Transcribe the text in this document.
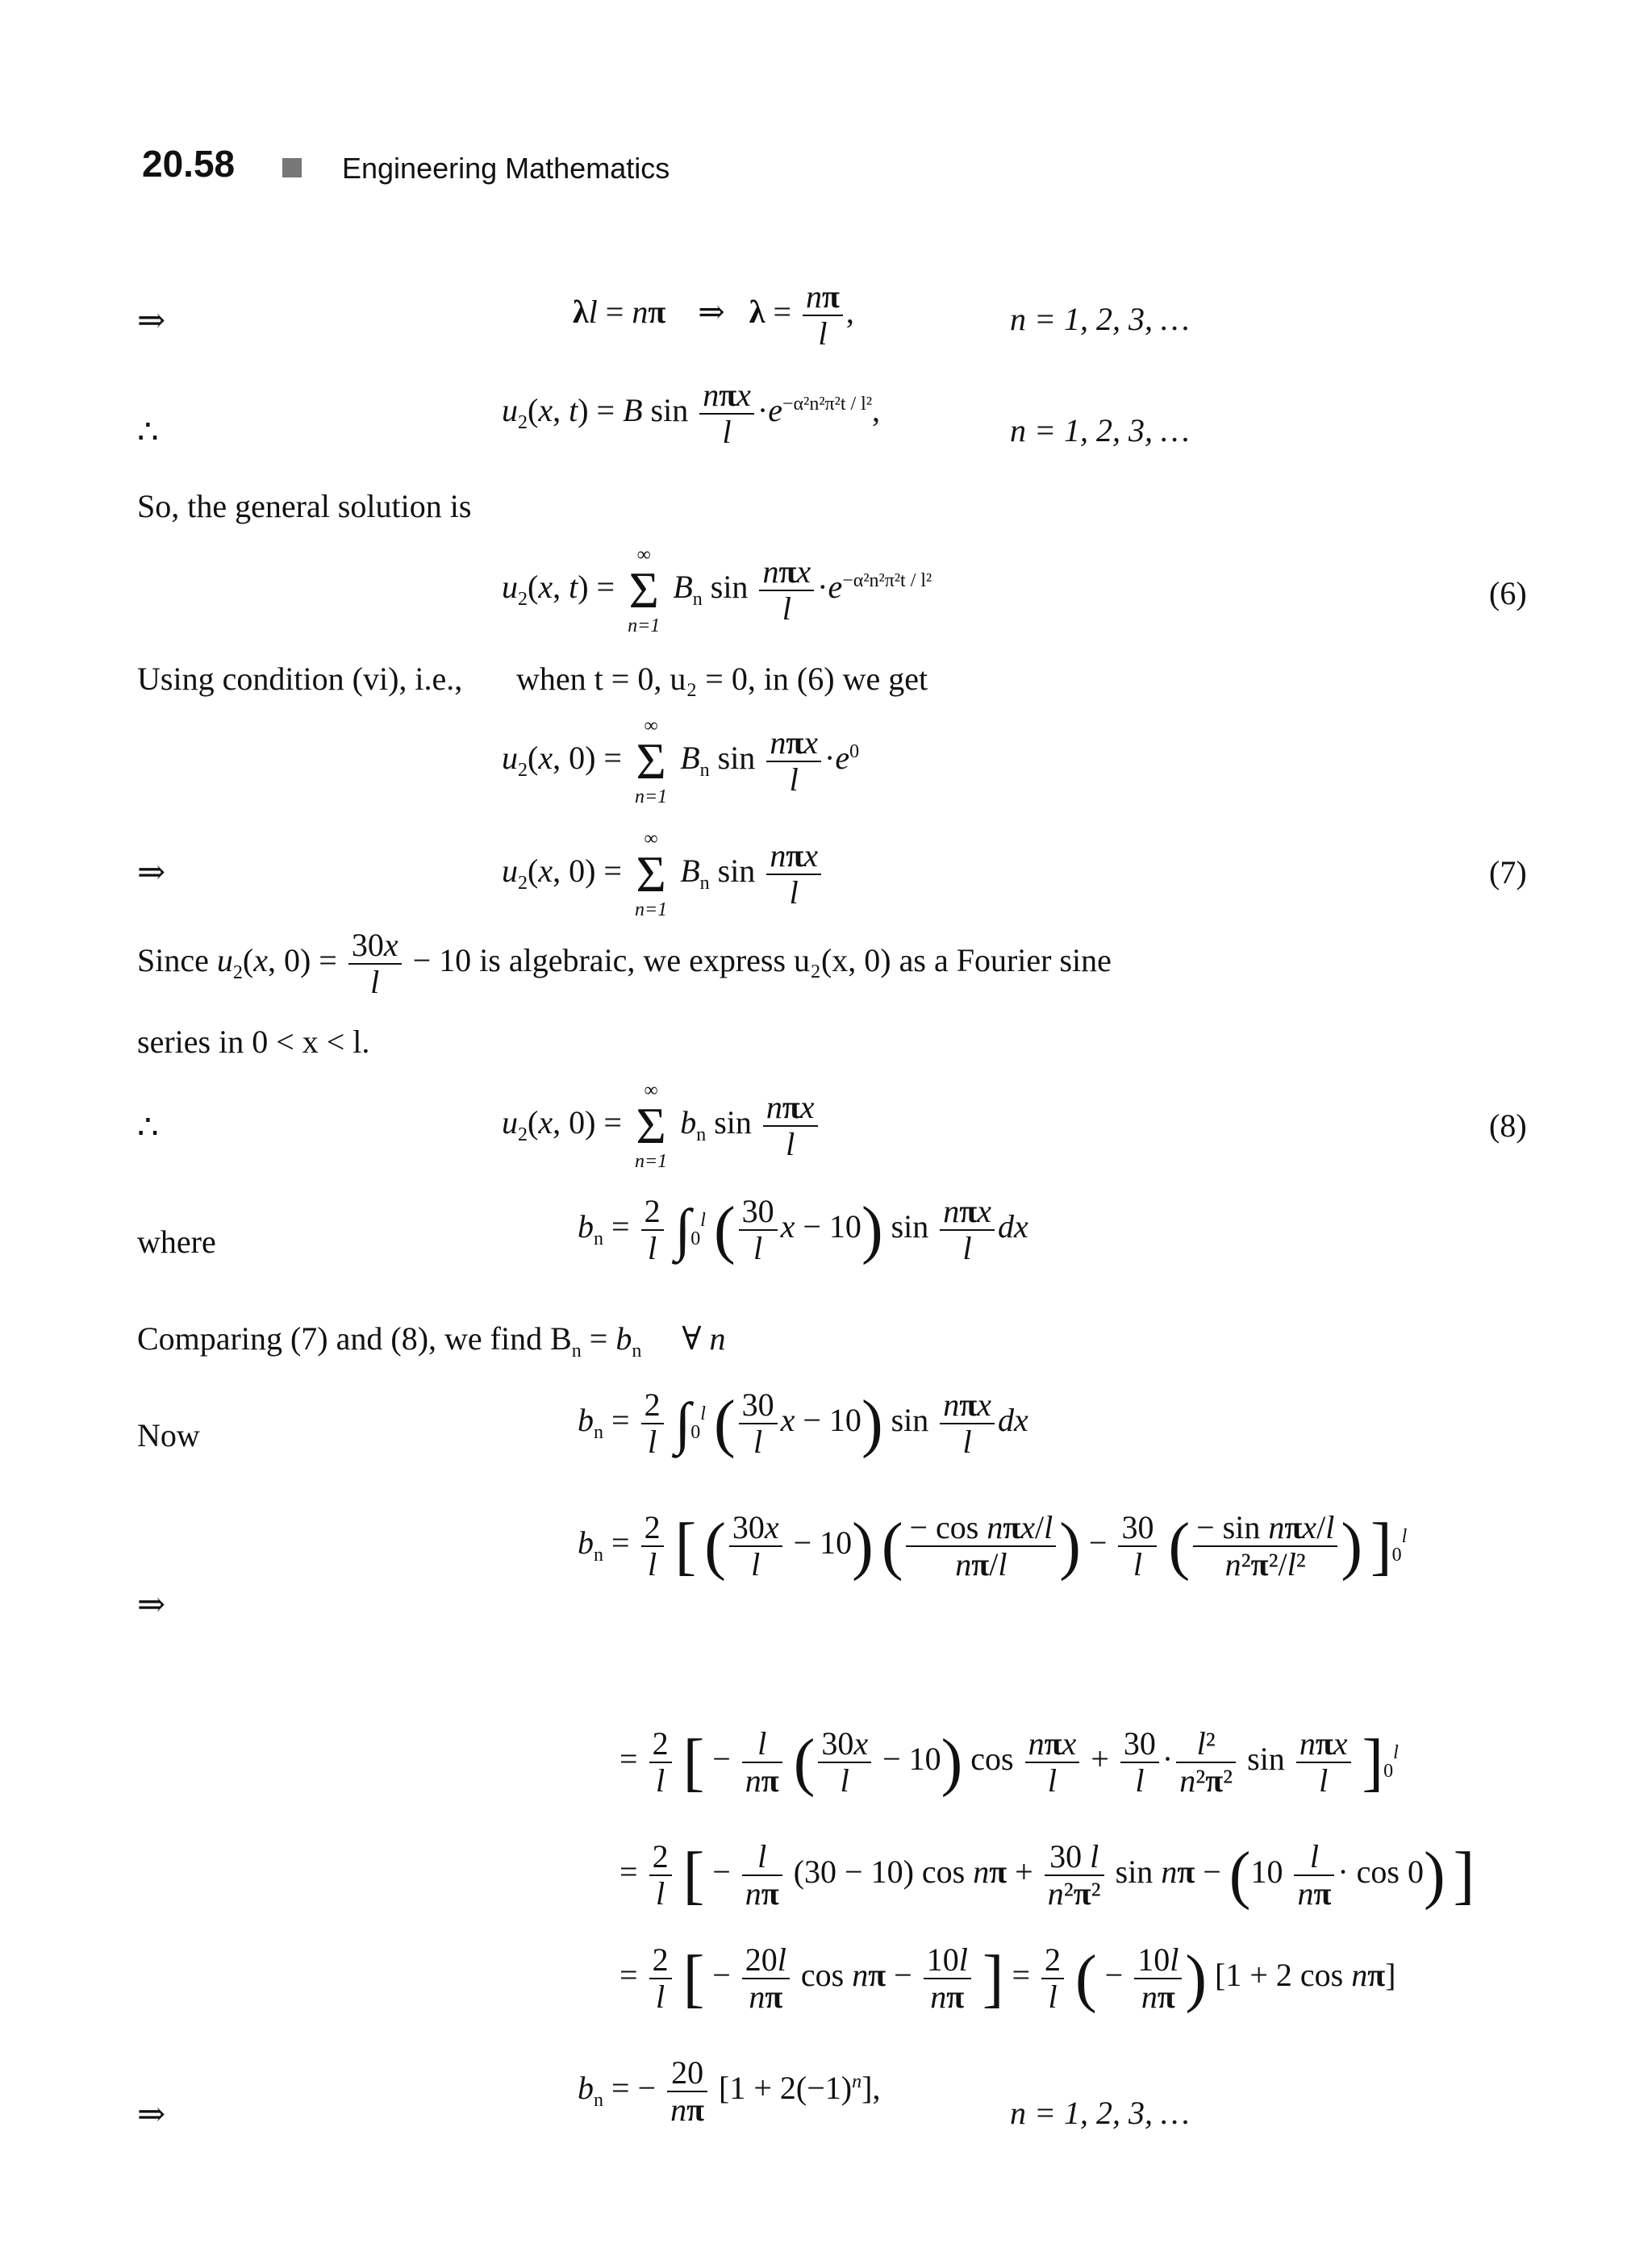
20.58	Engineering Mathematics
⇒	λl = nπ    ⇒   $\lambda = \frac{n\pi}{l}$ ,	n = 1, 2, 3, …
∴
$u_2(x$, t) = B $\sin \frac{\text{nπx}}{l} \cdot e^{-\alpha^2n^2\pi^2t / l^2}$,
n = 1, 2, 3, …
So, the general solution is
$u_2(x$, t) =
∞
Σ
n=1
$B_n$ $\sin \frac{\text{nπx}}{l} \cdot e^{-\alpha^2n^2\pi^2t / l^2}$	(6)
Using condition (vi), i.e., when t = 0, u₂ = 0, in (6) we get
$u_2(x$, 0) =
∞
Σ
n=1
$B_n$ $\sin \frac{\text{nπx}}{l} \cdot e^0$
⇒	$u_2(x$, 0) =
∞
Σ
n=1
$B_n$ $\sin \frac{\text{nπx}}{l}$	(7)
Since $u_2(x$, $0) = \frac{30x}{l} - 10$ is algebraic, we express u₂(x, 0) as a Fourier sine
series in 0 < x < l.
∴	$u_2(x$, 0) =
∞
Σ
n=1
$b_n$ $\sin \frac{\text{nπx}}{l}$	(8)
where	$b_n = \frac{2}{l} \int_0^l$ ( $\frac{30}{l}$ x − 10) $\sin \frac{\text{nπx}}{l}$ dx
Comparing (7) and (8), we find $B_n = b_n$     ∀ n
Now	$b_n = \frac{2}{l} \int_0^l$ ( $\frac{30}{l}$ x − 10) $\sin \frac{\text{nπx}}{l}$ dx
⇒
$b_n = \frac{2}{l}$ [ ( $\frac{30x}{l} - 10$) ( $\frac{\text{− cos nπx/l}}{n\pi/l}$ ) − $\frac{30}{l}$ ( $\frac{\text{− sin nπx/l}}{\text{n²π²/l²}}$ ) ]$_0^l$
= $\frac{2}{l}$ [ − $\frac{l}{n\pi}$ ( $\frac{30x}{l} - 10$) $\cos \frac{\text{nπx}}{l} + \frac{30}{l} \cdot \frac{\text{l²}}{\text{n²π²}}$ $\sin \frac{\text{nπx}}{l} ]_0^l$
= $\frac{2}{l}$ [ − $\frac{l}{n\pi} (30 - 10)$ $\cos n\pi + \frac{30 l}{\text{n²π²}}$ $\sin n\pi - (10 \frac{l}{n\pi} \cdot \cos 0)$ ]
= $\frac{2}{l}$ [ − $\frac{20l}{n\pi}$ $\cos n\pi - \frac{10l}{n\pi}$ ] = $\frac{2}{l}$ ( − $\frac{10l}{n\pi}$ ) [1 + 2 cos nπ]
⇒
$b_n$ = − $\frac{20}{n\pi} [1 + 2(-1)^n]$,
n = 1, 2, 3, …
